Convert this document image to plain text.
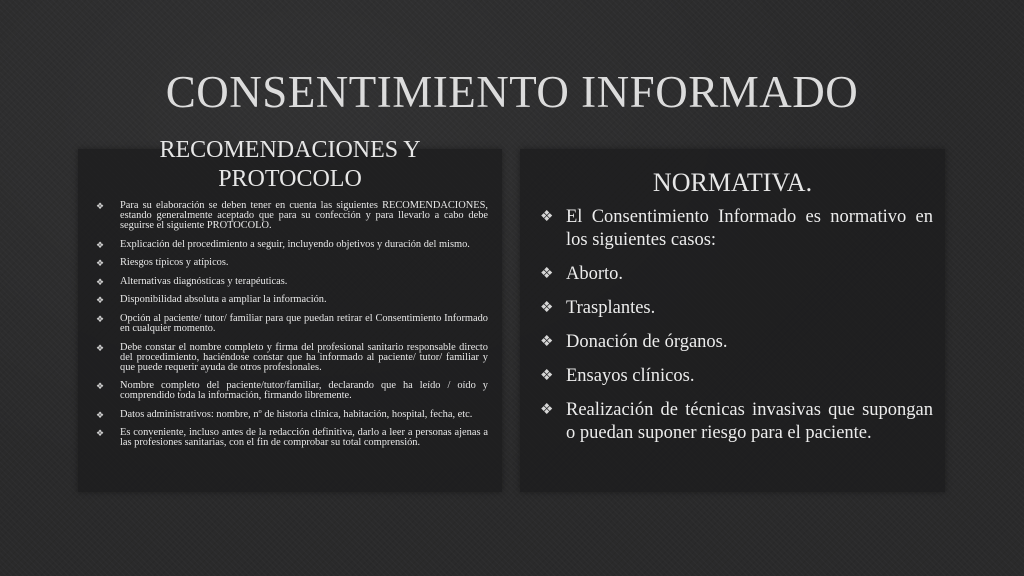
CONSENTIMIENTO INFORMADO
RECOMENDACIONES Y
PROTOCOLO
❖	Para su elaboración se deben tener en cuenta las siguientes RECOMENDACIONES, estando generalmente aceptado que para su confección y para llevarlo a cabo debe seguirse el siguiente PROTOCOLO.
❖	Explicación del procedimiento a seguir, incluyendo objetivos y duración del mismo.
❖	Riesgos típicos y atípicos.
❖	Alternativas diagnósticas y terapéuticas.
❖	Disponibilidad absoluta a ampliar la información.
❖	Opción al paciente/ tutor/ familiar para que puedan retirar el Consentimiento Informado en cualquier momento.
❖	Debe constar el nombre completo y firma del profesional sanitario responsable directo del procedimiento, haciéndose constar que ha informado al paciente/ tutor/ familiar y que puede requerir ayuda de otros profesionales.
❖	Nombre completo del paciente/tutor/familiar, declarando que ha leído / oído y comprendido toda la información, firmando libremente.
❖	Datos administrativos: nombre, nº de historia clínica, habitación, hospital, fecha, etc.
❖	Es conveniente, incluso antes de la redacción definitiva, darlo a leer a personas ajenas a las profesiones sanitarias, con el fin de comprobar su total comprensión.
NORMATIVA.
❖ El Consentimiento Informado es normativo en los siguientes casos:
❖ Aborto.
❖ Trasplantes.
❖ Donación de órganos.
❖ Ensayos clínicos.
❖ Realización de técnicas invasivas que supongan o puedan suponer riesgo para el paciente.
